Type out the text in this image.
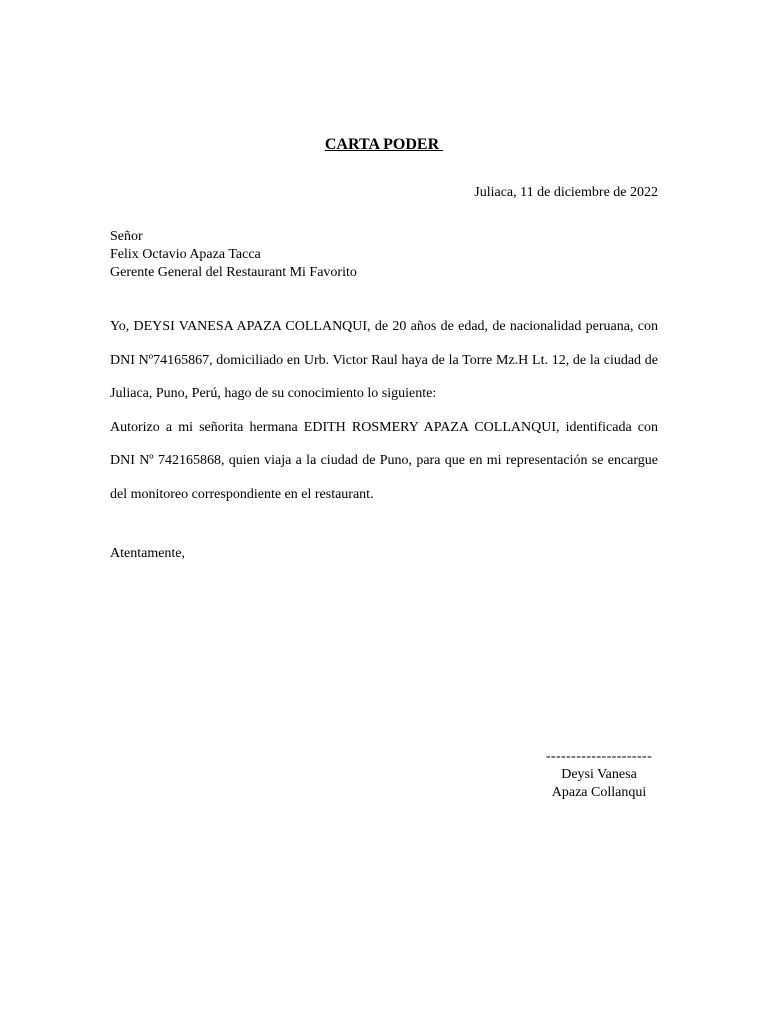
CARTA PODER
Juliaca, 11 de diciembre de 2022
Señor
Felix Octavio Apaza Tacca
Gerente General del Restaurant Mi Favorito

Yo, DEYSI VANESA APAZA COLLANQUI, de 20 años de edad, de nacionalidad peruana, con DNI Nº74165867, domiciliado en Urb. Victor Raul haya de la Torre Mz.H Lt. 12, de la ciudad de Juliaca, Puno, Perú, hago de su conocimiento lo siguiente:

Autorizo a mi señorita hermana EDITH ROSMERY APAZA COLLANQUI, identificada con DNI Nº 742165868, quien viaja a la ciudad de Puno, para que en mi representación se encargue del monitoreo correspondiente en el restaurant.

Atentamente,
---------------------
Deysi Vanesa
Apaza Collanqui
